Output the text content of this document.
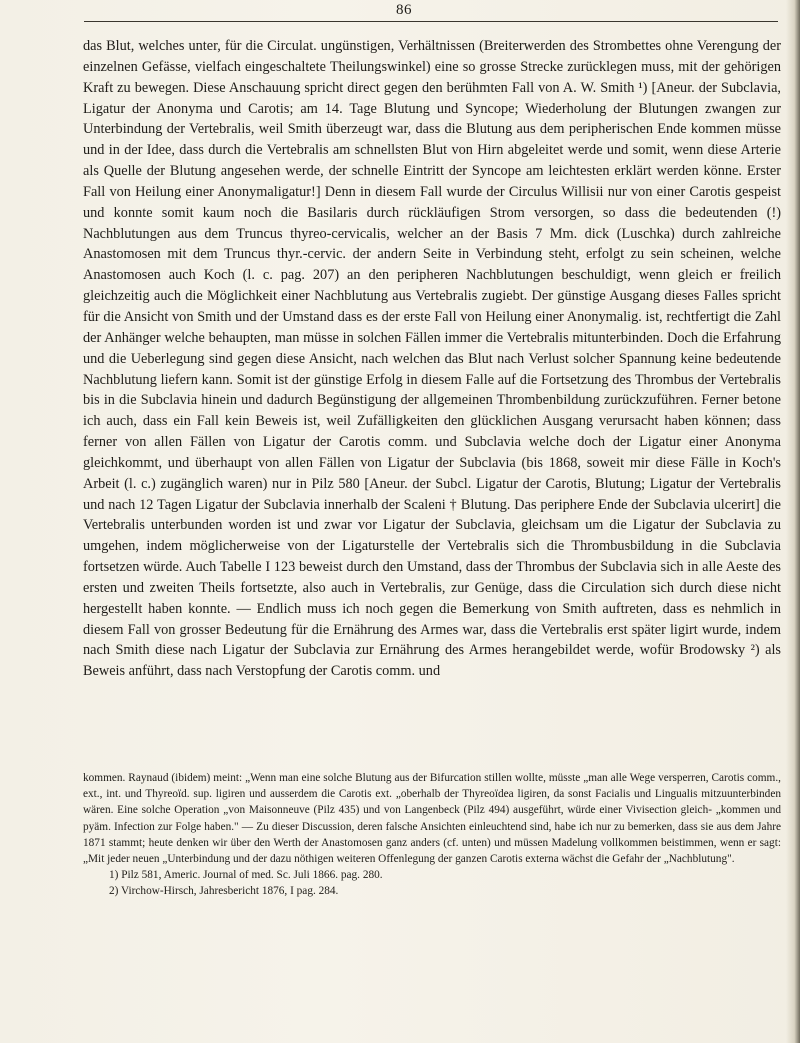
86

das Blut, welches unter, für die Circulat. ungünstigen, Verhältnissen (Breiterwerden des Strombettes ohne Verengung der einzelnen Gefässe, vielfach eingeschaltete Theilungswinkel) eine so grosse Strecke zurücklegen muss, mit der gehörigen Kraft zu bewegen. Diese Anschauung spricht direct gegen den berühmten Fall von A. W. Smith ¹) [Aneur. der Subclavia, Ligatur der Anonyma und Carotis; am 14. Tage Blutung und Syncope; Wiederholung der Blutungen zwangen zur Unterbindung der Vertebralis, weil Smith überzeugt war, dass die Blutung aus dem peripherischen Ende kommen müsse und in der Idee, dass durch die Vertebralis am schnellsten Blut von Hirn abgeleitet werde und somit, wenn diese Arterie als Quelle der Blutung angesehen werde, der schnelle Eintritt der Syncope am leichtesten erklärt werden könne. Erster Fall von Heilung einer Anonymaligatur!] Denn in diesem Fall wurde der Circulus Willisii nur von einer Carotis gespeist und konnte somit kaum noch die Basilaris durch rückläufigen Strom versorgen, so dass die bedeutenden (!) Nachblutungen aus dem Truncus thyreo-cervicalis, welcher an der Basis 7 Mm. dick (Luschka) durch zahlreiche Anastomosen mit dem Truncus thyr.-cervic. der andern Seite in Verbindung steht, erfolgt zu sein scheinen, welche Anastomosen auch Koch (l. c. pag. 207) an den peripheren Nachblutungen beschuldigt, wenn gleich er freilich gleichzeitig auch die Möglichkeit einer Nachblutung aus Vertebralis zugiebt. Der günstige Ausgang dieses Falles spricht für die Ansicht von Smith und der Umstand dass es der erste Fall von Heilung einer Anonymalig. ist, rechtfertigt die Zahl der Anhänger welche behaupten, man müsse in solchen Fällen immer die Vertebralis mitunterbinden. Doch die Erfahrung und die Ueberlegung sind gegen diese Ansicht, nach welchen das Blut nach Verlust solcher Spannung keine bedeutende Nachblutung liefern kann. Somit ist der günstige Erfolg in diesem Falle auf die Fortsetzung des Thrombus der Vertebralis bis in die Subclavia hinein und dadurch Begünstigung der allgemeinen Thrombenbildung zurückzuführen. Ferner betone ich auch, dass ein Fall kein Beweis ist, weil Zufälligkeiten den glücklichen Ausgang verursacht haben können; dass ferner von allen Fällen von Ligatur der Carotis comm. und Subclavia welche doch der Ligatur einer Anonyma gleichkommt, und überhaupt von allen Fällen von Ligatur der Subclavia (bis 1868, soweit mir diese Fälle in Koch's Arbeit (l. c.) zugänglich waren) nur in Pilz 580 [Aneur. der Subcl. Ligatur der Carotis, Blutung; Ligatur der Vertebralis und nach 12 Tagen Ligatur der Subclavia innerhalb der Scaleni † Blutung. Das periphere Ende der Subclavia ulcerirt] die Vertebralis unterbunden worden ist und zwar vor Ligatur der Subclavia, gleichsam um die Ligatur der Subclavia zu umgehen, indem möglicherweise von der Ligaturstelle der Vertebralis sich die Thrombusbildung in die Subclavia fortsetzen würde. Auch Tabelle I 123 beweist durch den Umstand, dass der Thrombus der Subclavia sich in alle Aeste des ersten und zweiten Theils fortsetzte, also auch in Vertebralis, zur Genüge, dass die Circulation sich durch diese nicht hergestellt haben konnte. — Endlich muss ich noch gegen die Bemerkung von Smith auftreten, dass es nehmlich in diesem Fall von grosser Bedeutung für die Ernährung des Armes war, dass die Vertebralis erst später ligirt wurde, indem nach Smith diese nach Ligatur der Subclavia zur Ernährung des Armes herangebildet werde, wofür Brodowsky ²) als Beweis anführt, dass nach Verstopfung der Carotis comm. und

kommen. Raynaud (ibidem) meint: „Wenn man eine solche Blutung aus der Bifurcation stillen wollte, müsste „man alle Wege versperren, Carotis comm., ext., int. und Thyreoïd. sup. ligiren und ausserdem die Carotis ext. „oberhalb der Thyreoïdea ligiren, da sonst Facialis und Lingualis mitzuunterbinden wären. Eine solche Operation „von Maisonneuve (Pilz 435) und von Langenbeck (Pilz 494) ausgeführt, würde einer Vivisection gleich- „kommen und pyäm. Infection zur Folge haben." — Zu dieser Discussion, deren falsche Ansichten einleuchtend sind, habe ich nur zu bemerken, dass sie aus dem Jahre 1871 stammt; heute denken wir über den Werth der Anastomosen ganz anders (cf. unten) und müssen Madelung vollkommen beistimmen, wenn er sagt: „Mit jeder neuen „Unterbindung und der dazu nöthigen weiteren Offenlegung der ganzen Carotis externa wächst die Gefahr der „Nachblutung".

1) Pilz 581, Americ. Journal of med. Sc. Juli 1866. pag. 280.
2) Virchow-Hirsch, Jahresbericht 1876, I pag. 284.
